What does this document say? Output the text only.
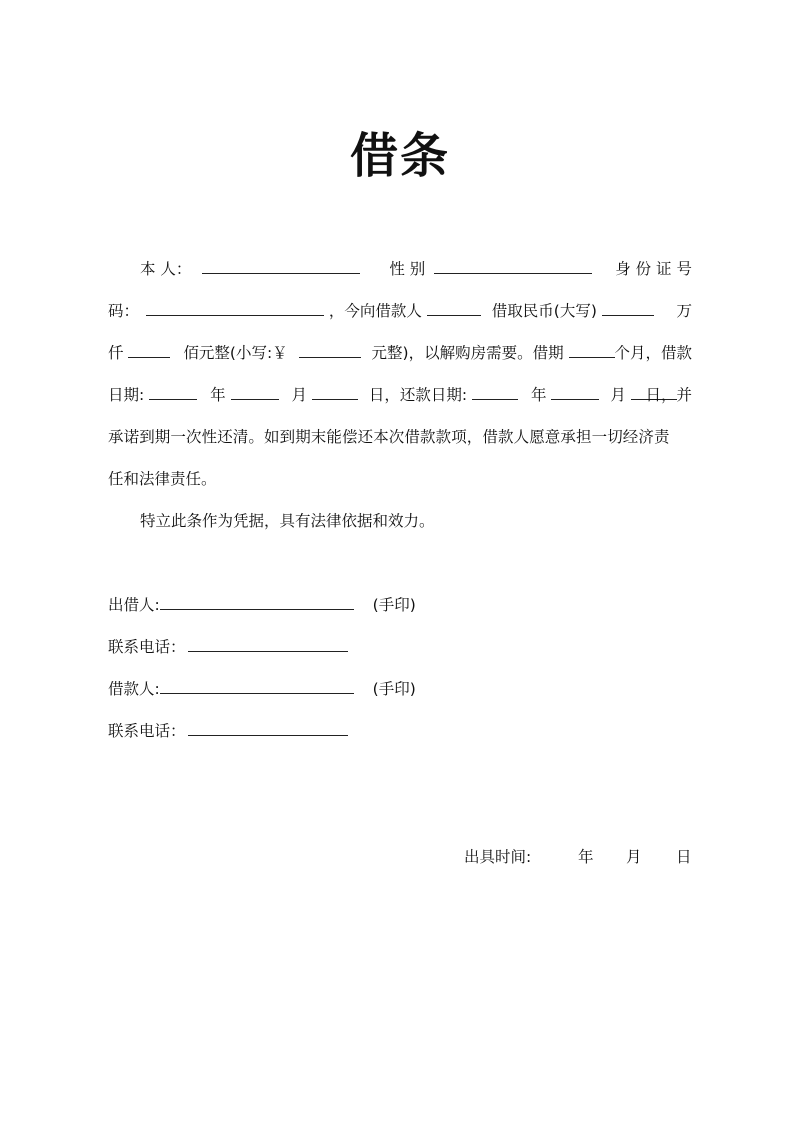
借条
本 人：	性 别	身 份 证 号
码：	，今向借款人	借取民币(大写)	万
仟	佰元整(小写:￥	元整)，以解购房需要。借期	个月，借款
日期:	年	月	日，还款日期:	年	月 日，并
承诺到期一次性还清。如到期末能偿还本次借款款项，借款人愿意承担一切经济责
任和法律责任。
特立此条作为凭据，具有法律依据和效力。
出借人:	(手印)
联系电话：
借款人:	(手印)
联系电话：
出具时间:	年 月 日
